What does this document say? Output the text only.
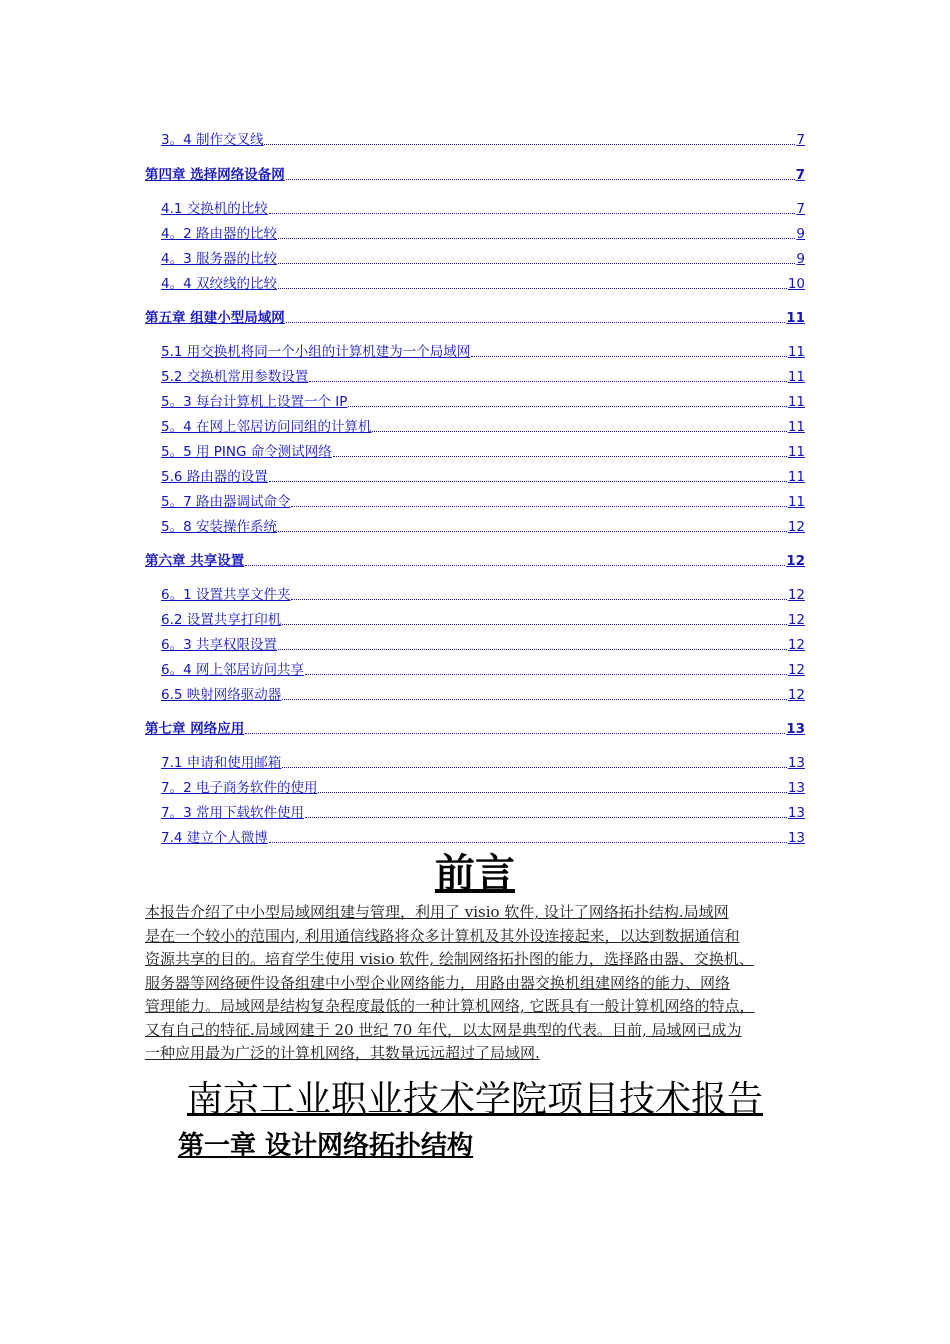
3。4 制作交叉线	7
第四章 选择网络设备网	7
4.1 交换机的比较	7
4。2 路由器的比较	9
4。3 服务器的比较	9
4。4 双绞线的比较	10
第五章 组建小型局域网	11
5.1 用交换机将同一个小组的计算机建为一个局域网	11
5.2 交换机常用参数设置	11
5。3 每台计算机上设置一个 IP	11
5。4 在网上邻居访问同组的计算机	11
5。5 用 PING 命令测试网络	11
5.6 路由器的设置	11
5。7 路由器调试命令	11
5。8 安装操作系统	12
第六章 共享设置	12
6。1 设置共享文件夹	12
6.2 设置共享打印机	12
6。3 共享权限设置	12
6。4 网上邻居访问共享	12
6.5 映射网络驱动器	12
第七章 网络应用	13
7.1 申请和使用邮箱	13
7。2 电子商务软件的使用	13
7。3 常用下载软件使用	13
7.4 建立个人微博	13
前言
本报告介绍了中小型局域网组建与管理，利用了 visio 软件, 设计了网络拓扑结构.局域网
是在一个较小的范围内, 利用通信线路将众多计算机及其外设连接起来，以达到数据通信和
资源共享的目的。培育学生使用 visio 软件, 绘制网络拓扑图的能力，选择路由器、交换机、
服务器等网络硬件设备组建中小型企业网络能力，用路由器交换机组建网络的能力、网络
管理能力。局域网是结构复杂程度最低的一种计算机网络, 它既具有一般计算机网络的特点，
又有自己的特征.局域网建于 20 世纪 70 年代，以太网是典型的代表。目前, 局域网已成为
一种应用最为广泛的计算机网络，其数量远远超过了局域网.
南京工业职业技术学院项目技术报告
第一章 设计网络拓扑结构
